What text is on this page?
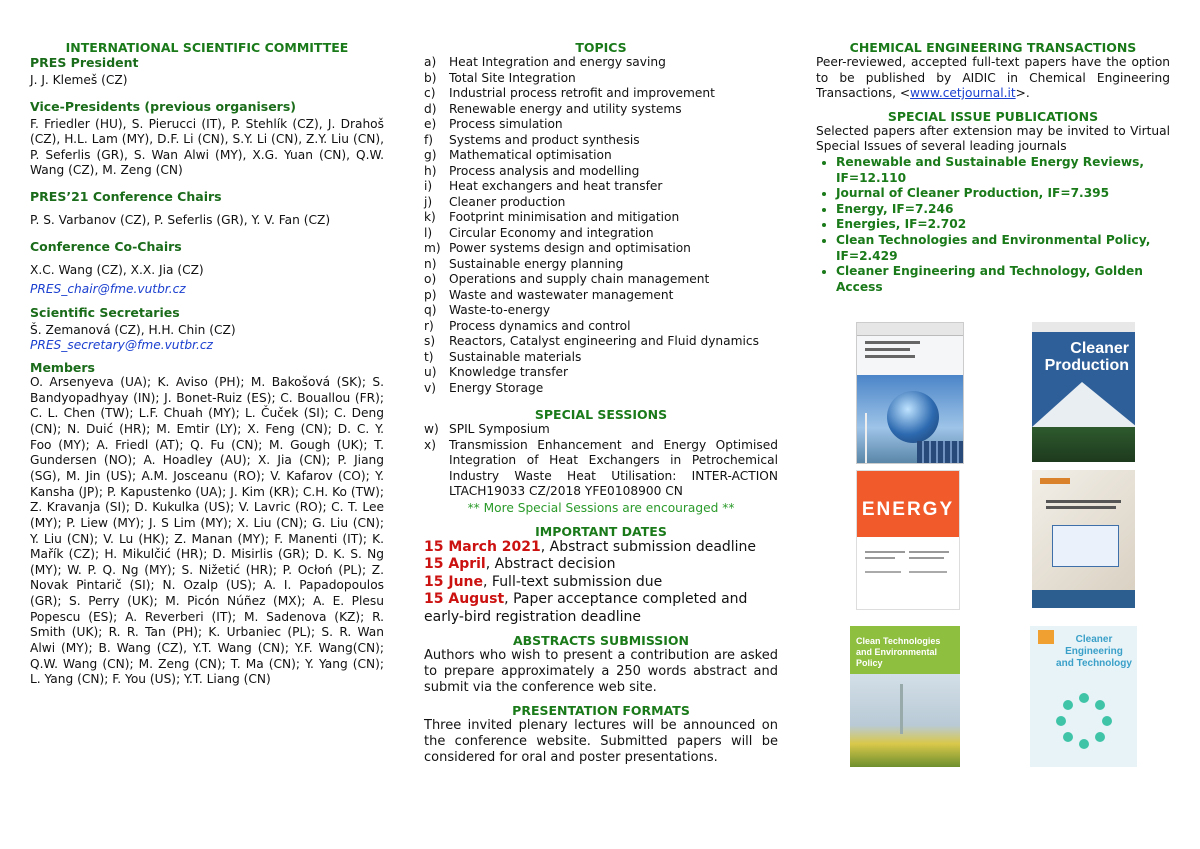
INTERNATIONAL SCIENTIFIC COMMITTEE
PRES President

J. J. Klemeš (CZ)

Vice-Presidents (previous organisers)

F. Friedler (HU), S. Pierucci (IT), P. Stehlík (CZ), J. Drahoš (CZ), H.L. Lam (MY), D.F. Li (CN), S.Y. Li (CN), Z.Y. Liu (CN), P. Seferlis (GR), S. Wan Alwi (MY), X.G. Yuan (CN), Q.W. Wang (CZ), M. Zeng (CN)

PRES’21 Conference Chairs

P. S. Varbanov (CZ), P. Seferlis (GR), Y. V. Fan (CZ)

Conference Co-Chairs

X.C. Wang (CZ), X.X. Jia (CZ)

PRES_chair@fme.vutbr.cz
Scientific Secretaries

Š. Zemanová (CZ), H.H. Chin (CZ)

PRES_secretary@fme.vutbr.cz
Members

O. Arsenyeva (UA); K. Aviso (PH); M. Bakošová (SK); S. Bandyopadhyay (IN); J. Bonet-Ruiz (ES); C. Bouallou (FR); C. L. Chen (TW); L.F. Chuah (MY); L. Čuček (SI); C. Deng (CN); N. Duić (HR); M. Emtir (LY); X. Feng (CN); D. C. Y. Foo (MY); A. Friedl (AT); Q. Fu (CN); M. Gough (UK); T. Gundersen (NO); A. Hoadley (AU); X. Jia (CN); P. Jiang (SG), M. Jin (US); A.M. Josceanu (RO); V. Kafarov (CO); Y. Kansha (JP); P. Kapustenko (UA); J. Kim (KR); C.H. Ko (TW); Z. Kravanja (SI); D. Kukulka (US); V. Lavric (RO); C. T. Lee (MY); P. Liew (MY); J. S Lim (MY); X. Liu (CN); G. Liu (CN); Y. Liu (CN); V. Lu (HK); Z. Manan (MY); F. Manenti (IT); K. Mařík (CZ); H. Mikulčić (HR); D. Misirlis (GR); D. K. S. Ng (MY); W. P. Q. Ng (MY); S. Nižetić (HR); P. Ocłoń (PL); Z. Novak Pintarič (SI); N. Ozalp (US); A. I. Papadopoulos (GR); S. Perry (UK); M. Picón Núñez (MX); A. E. Plesu Popescu (ES); A. Reverberi (IT); M. Sadenova (KZ); R. Smith (UK); R. R. Tan (PH); K. Urbaniec (PL); S. R. Wan Alwi (MY); B. Wang (CZ), Y.T. Wang (CN); Y.F. Wang(CN); Q.W. Wang (CN); M. Zeng (CN); T. Ma (CN); Y. Yang (CN); L. Yang (CN); F. You (US); Y.T. Liang (CN)

TOPICS
a)	Heat Integration and energy saving
b)	Total Site Integration
c)	Industrial process retrofit and improvement
d)	Renewable energy and utility systems
e)	Process simulation
f)	Systems and product synthesis
g)	Mathematical optimisation
h)	Process analysis and modelling
i)	Heat exchangers and heat transfer
j)	Cleaner production
k)	Footprint minimisation and mitigation
l)	Circular Economy and integration
m) Power systems design and optimisation
n)	Sustainable energy planning
o)	Operations and supply chain management
p)	Waste and wastewater management
q)	Waste-to-energy
r)	Process dynamics and control
s)	Reactors, Catalyst engineering and Fluid dynamics
t)	Sustainable materials
u)	Knowledge transfer
v)	Energy Storage
SPECIAL SESSIONS
w) SPIL Symposium
x)	Transmission Enhancement and Energy Optimised Integration of Heat Exchangers in Petrochemical Industry Waste Heat Utilisation: INTER-ACTION LTACH19033 CZ/2018 YFE0108900 CN
** More Special Sessions are encouraged **
IMPORTANT DATES

15 March 2021, Abstract submission deadline

15 April, Abstract decision

15 June, Full-text submission due

15 August, Paper acceptance completed and early-bird registration deadline

ABSTRACTS SUBMISSION

Authors who wish to present a contribution are asked to prepare approximately a 250 words abstract and submit via the conference web site.

PRESENTATION FORMATS

Three invited plenary lectures will be announced on the conference website. Submitted papers will be considered for oral and poster presentations.

CHEMICAL ENGINEERING TRANSACTIONS

Peer-reviewed, accepted full-text papers have the option to be published by AIDIC in Chemical Engineering Transactions, <www.cetjournal.it>.

SPECIAL ISSUE PUBLICATIONS

Selected papers after extension may be invited to Virtual Special Issues of several leading journals

• Renewable and Sustainable Energy Reviews, IF=12.110
• Journal of Cleaner Production, IF=7.395
• Energy, IF=7.246
• Energies, IF=2.702
• Clean Technologies and Environmental Policy, IF=2.429
• Cleaner Engineering and Technology, Golden Access
Cleaner Production
ENERGY
Clean Technologies and Environmental Policy
Cleaner Engineering and Technology
